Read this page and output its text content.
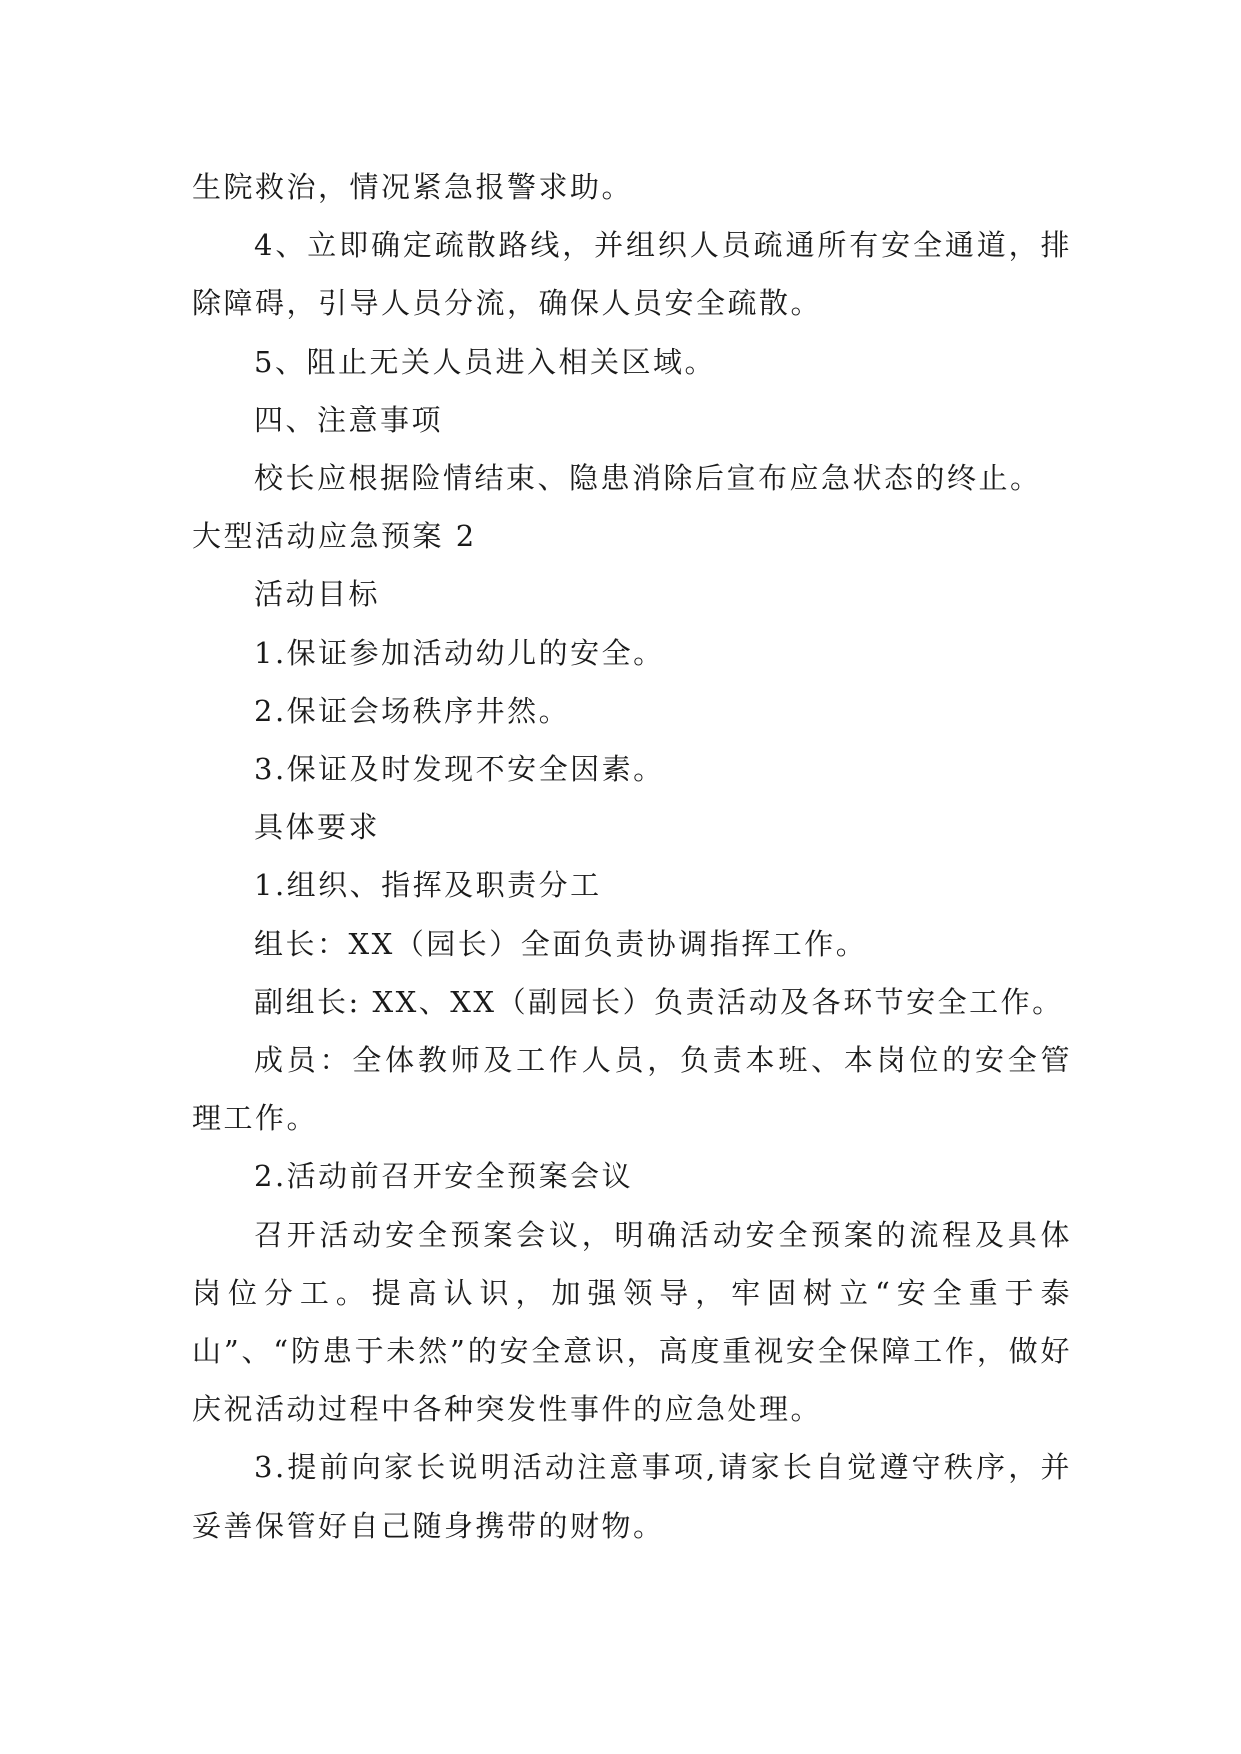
生院救治，情况紧急报警求助。

4、立即确定疏散路线，并组织人员疏通所有安全通道，排除障碍，引导人员分流，确保人员安全疏散。

5、阻止无关人员进入相关区域。

四、注意事项

校长应根据险情结束、隐患消除后宣布应急状态的终止。

大型活动应急预案 2

活动目标

1.保证参加活动幼儿的安全。

2.保证会场秩序井然。

3.保证及时发现不安全因素。

具体要求

1.组织、指挥及职责分工

组长：XX（园长）全面负责协调指挥工作。

副组长: XX、XX（副园长）负责活动及各环节安全工作。

成员：全体教师及工作人员，负责本班、本岗位的安全管理工作。

2.活动前召开安全预案会议

召开活动安全预案会议，明确活动安全预案的流程及具体岗位分工。提高认识，加强领导，牢固树立“安全重于泰山”、“防患于未然”的安全意识，高度重视安全保障工作，做好庆祝活动过程中各种突发性事件的应急处理。

3.提前向家长说明活动注意事项,请家长自觉遵守秩序，并妥善保管好自己随身携带的财物。
